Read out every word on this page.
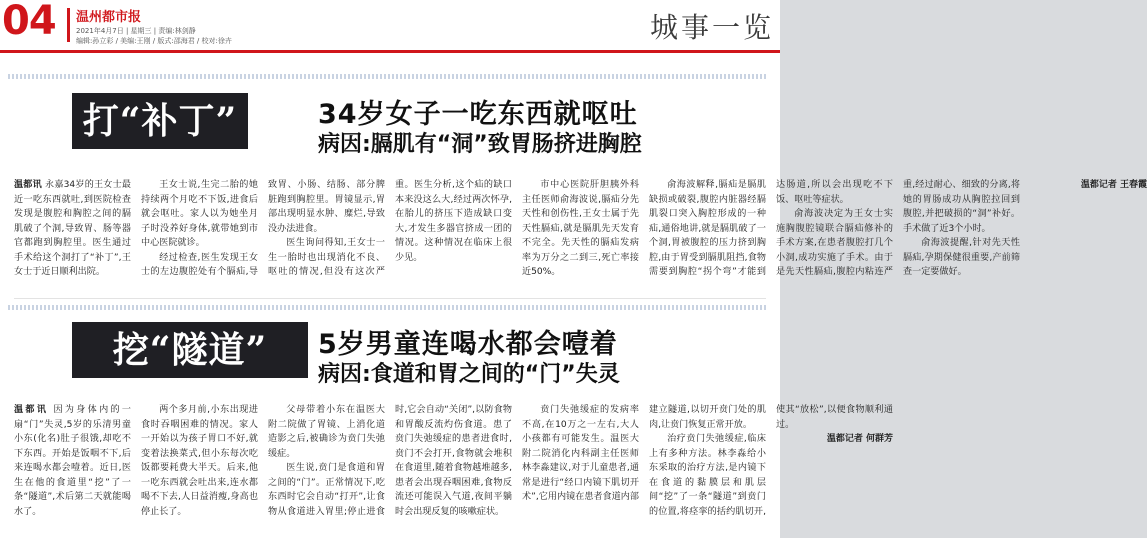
04 温州都市报
2021年4月7日 | 星期三 | 责编:林剑静
编辑:孙立彩 / 美编:王刚 / 版式:邵海君 / 校对:徐卉	城事一览
打“补丁”	34岁女子一吃东西就呕吐
病因:膈肌有“洞”致胃肠挤进胸腔

温都讯 永嘉34岁的王女士最近一吃东西就吐,到医院检查发现是腹腔和胸腔之间的膈肌破了个洞,导致胃、肠等器官都跑到胸腔里。医生通过手术给这个洞打了“补丁”,王女士于近日顺利出院。

王女士说,生完二胎的她持续两个月吃不下饭,进食后就会呕吐。家人以为她坐月子时没养好身体,就带她到市中心医院就诊。

经过检查,医生发现王女士的左边腹腔处有个膈疝,导致胃、小肠、结肠、部分脾脏跑到胸腔里。胃镜显示,胃部出现明显水肿、糜烂,导致没办法进食。

医生询问得知,王女士一生一胎时也出现消化不良、呕吐的情况,但没有这次严重。医生分析,这个疝的缺口本来没这么大,经过两次怀孕,在胎儿的挤压下造成缺口变大,才发生多器官挤成一团的情况。这种情况在临床上很少见。

市中心医院肝胆胰外科主任医师俞海波说,膈疝分先天性和创伤性,王女士属于先天性膈疝,就是膈肌先天发育不完全。先天性的膈疝发病率为万分之二到三,死亡率接近50%。

俞海波解释,膈疝是膈肌缺损或破裂,腹腔内脏器经膈肌裂口突入胸腔形成的一种疝,通俗地讲,就是膈肌破了一个洞,胃被腹腔的压力挤到胸腔,由于胃受到膈肌阻挡,食物需要到胸腔“拐个弯”才能到达肠道,所以会出现吃不下饭、呕吐等症状。

俞海波决定为王女士实施胸腹腔镜联合膈疝修补的手术方案,在患者腹腔打几个小洞,成功实施了手术。由于是先天性膈疝,腹腔内粘连严重,经过耐心、细致的分离,将她的胃肠成功从胸腔拉回到腹腔,并把破损的“洞”补好。手术做了近3个小时。

俞海波提醒,针对先天性膈疝,孕期保健很重要,产前筛查一定要做好。

温都记者 王春霞
挖“隧道”	5岁男童连喝水都会噎着
病因:食道和胃之间的“门”失灵

温都讯 因为身体内的一扇“门”失灵,5岁的乐清男童小东(化名)肚子很饿,却吃不下东西。开始是饭咽不下,后来连喝水都会噎着。近日,医生在他的食道里“挖”了一条“隧道”,术后第二天就能喝水了。

两个多月前,小东出现进食时吞咽困难的情况。家人一开始以为孩子胃口不好,就变着法换菜式,但小东每次吃饭都要耗费大半天。后来,他一吃东西就会吐出来,连水都喝不下去,人日益消瘦,身高也停止长了。

父母带着小东在温医大附二院做了胃镜、上消化道造影之后,被确诊为贲门失弛缓症。

医生说,贲门是食道和胃之间的“门”。正常情况下,吃东西时它会自动“打开”,让食物从食道进入胃里;停止进食时,它会自动“关闭”,以防食物和胃酸反流灼伤食道。患了贲门失弛缓症的患者进食时,贲门不会打开,食物就会堆积在食道里,随着食物越堆越多,患者会出现吞咽困难,食物反流还可能误入气道,夜间平躺时会出现反复的咳嗽症状。

贲门失弛缓症的发病率不高,在10万之一左右,大人小孩都有可能发生。温医大附二院消化内科副主任医师林李淼建议,对于儿童患者,通常是进行“经口内镜下肌切开术”,它用内镜在患者食道内部建立隧道,以切开贲门处的肌肉,让贲门恢复正常开放。

治疗贲门失弛缓症,临床上有多种方法。林李淼给小东采取的治疗方法,是内镜下在食道的黏膜层和肌层间“挖”了一条“隧道”到贲门的位置,将痉挛的括约肌切开,使其“放松”,以便食物顺利通过。

温都记者 何群芳
